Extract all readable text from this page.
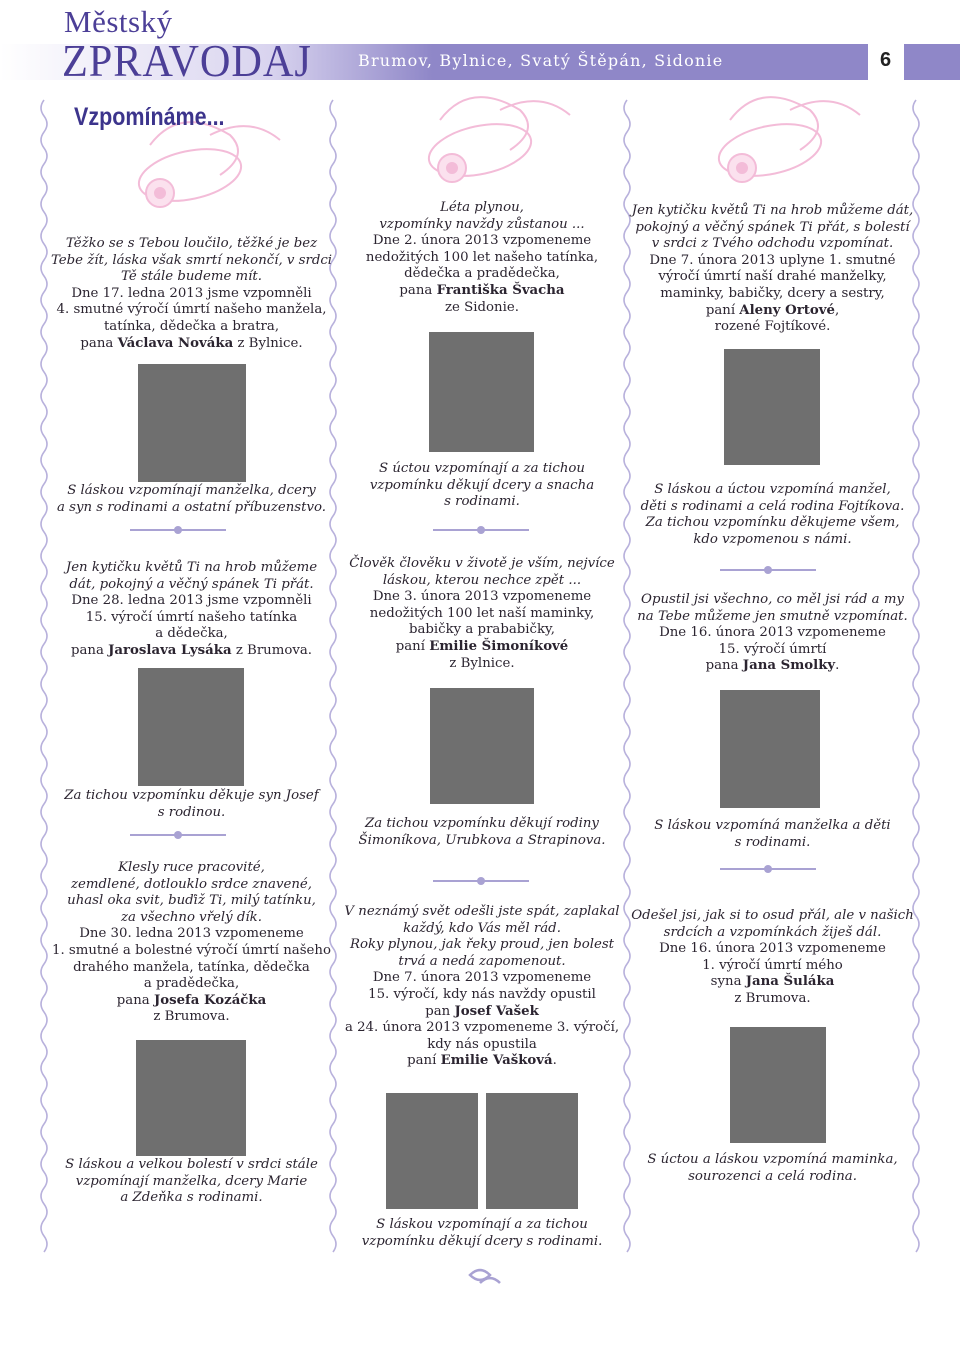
Městský
ZPRAVODAJ	Brumov, Bylnice, Svatý Štěpán, Sidonie	6
Vzpomínáme...
Těžko se s Tebou loučilo, těžké je bez
Tebe žít, láska však smrtí nekončí, v srdci
Tě stále budeme mít.
Dne 17. ledna 2013 jsme vzpomněli
4. smutné výročí úmrtí našeho manžela,
tatínka, dědečka a bratra,
pana Václava Nováka z Bylnice.
S láskou vzpomínají manželka, dcery
a syn s rodinami a ostatní příbuzenstvo.
Jen kytičku květů Ti na hrob můžeme
dát, pokojný a věčný spánek Ti přát.
Dne 28. ledna 2013 jsme vzpomněli
15. výročí úmrtí našeho tatínka
a dědečka,
pana Jaroslava Lysáka z Brumova.
Za tichou vzpomínku děkuje syn Josef
s rodinou.
Klesly ruce pracovité,
zemdlené, dotlouklo srdce znavené,
uhasl oka svit, buďiž Ti, milý tatínku,
za všechno vřelý dík.
Dne 30. ledna 2013 vzpomeneme
1. smutné a bolestné výročí úmrtí našeho
drahého manžela, tatínka, dědečka
a pradědečka,
pana Josefa Kozáčka
z Brumova.
S láskou a velkou bolestí v srdci stále
vzpomínají manželka, dcery Marie
a Zdeňka s rodinami.
Léta plynou,
vzpomínky navždy zůstanou ...
Dne 2. února 2013 vzpomeneme
nedožitých 100 let našeho tatínka,
dědečka a pradědečka,
pana Františka Švacha
ze Sidonie.
S úctou vzpomínají a za tichou
vzpomínku děkují dcery a snacha
s rodinami.
Člověk člověku v životě je vším, nejvíce
láskou, kterou nechce zpět ...
Dne 3. února 2013 vzpomeneme
nedožitých 100 let naší maminky,
babičky a prababičky,
paní Emilie Šimoníkové
z Bylnice.
Za tichou vzpomínku děkují rodiny
Šimoníkova, Urubkova a Strapinova.
V neznámý svět odešli jste spát, zaplakal
každý, kdo Vás měl rád.
Roky plynou, jak řeky proud, jen bolest
trvá a nedá zapomenout.
Dne 7. února 2013 vzpomeneme
15. výročí, kdy nás navždy opustil
pan Josef Vašek
a 24. února 2013 vzpomeneme 3. výročí,
kdy nás opustila
paní Emilie Vašková.
S láskou vzpomínají a za tichou
vzpomínku děkují dcery s rodinami.
Jen kytičku květů Ti na hrob můžeme dát,
pokojný a věčný spánek Ti přát, s bolestí
v srdci z Tvého odchodu vzpomínat.
Dne 7. února 2013 uplyne 1. smutné
výročí úmrtí naší drahé manželky,
maminky, babičky, dcery a sestry,
paní Aleny Ortové,
rozené Fojtíkové.
S láskou a úctou vzpomíná manžel,
děti s rodinami a celá rodina Fojtíkova.
Za tichou vzpomínku děkujeme všem,
kdo vzpomenou s námi.
Opustil jsi všechno, co měl jsi rád a my
na Tebe můžeme jen smutně vzpomínat.
Dne 16. února 2013 vzpomeneme
15. výročí úmrtí
pana Jana Smolky.
S láskou vzpomíná manželka a děti
s rodinami.
Odešel jsi, jak si to osud přál, ale v našich
srdcích a vzpomínkách žiješ dál.
Dne 16. února 2013 vzpomeneme
1. výročí úmrtí mého
syna Jana Šuláka
z Brumova.
S úctou a láskou vzpomíná maminka,
sourozenci a celá rodina.
